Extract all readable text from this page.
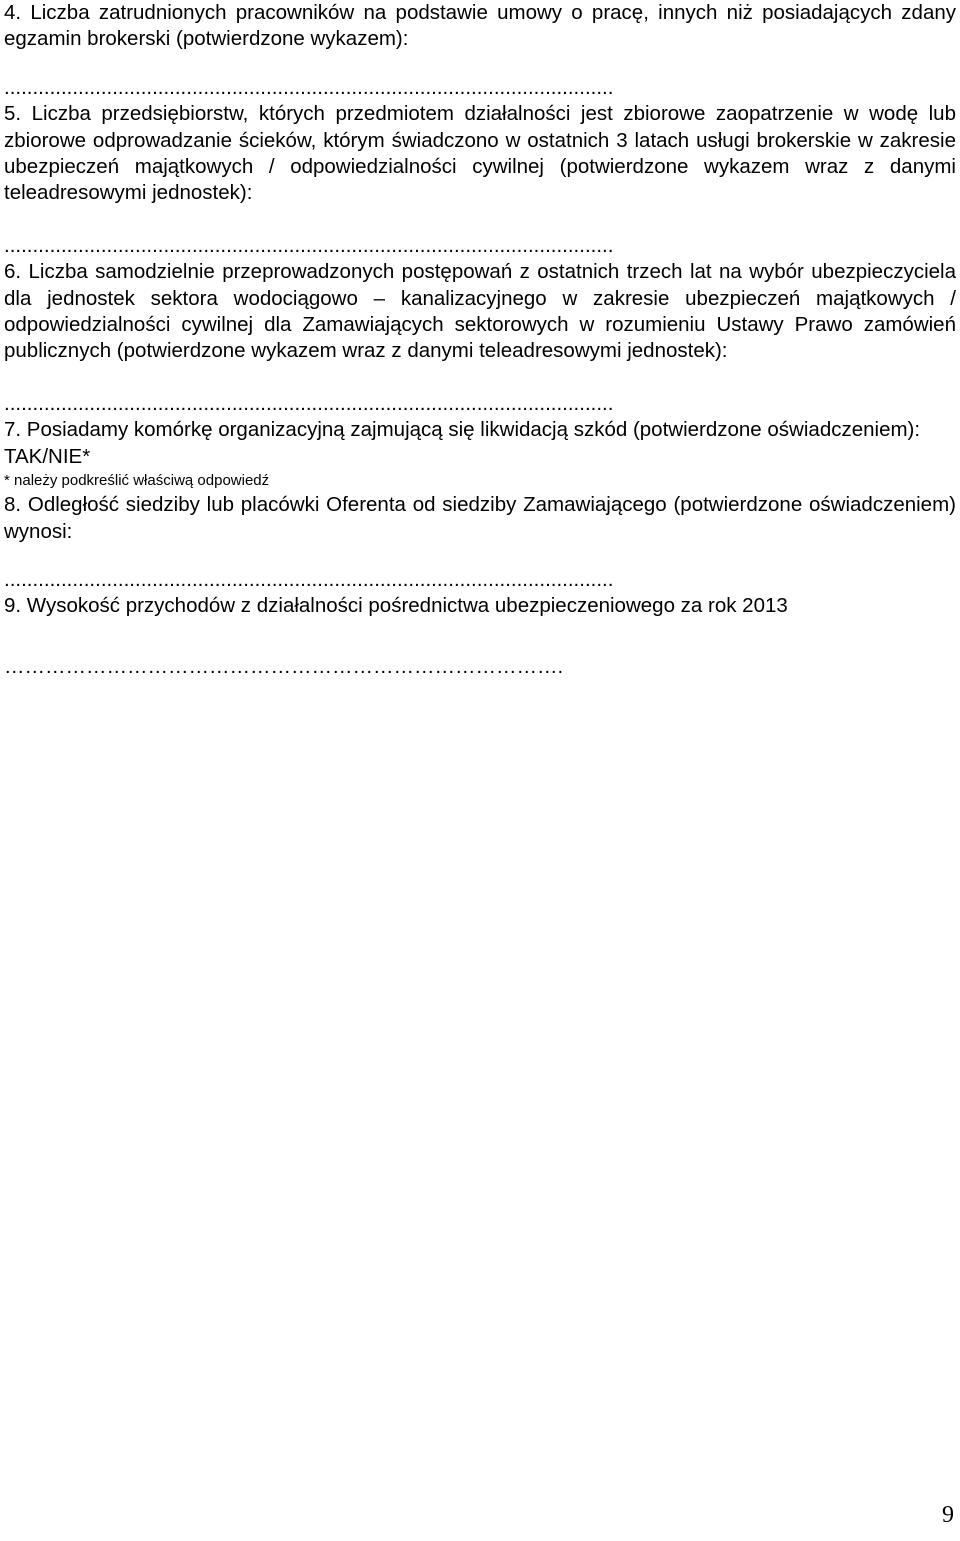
4. Liczba zatrudnionych pracowników na podstawie umowy o pracę, innych niż posiadających zdany egzamin brokerski (potwierdzone wykazem):

...........................................................................................................

5. Liczba przedsiębiorstw, których przedmiotem działalności jest zbiorowe zaopatrzenie w wodę lub zbiorowe odprowadzanie ścieków, którym świadczono w ostatnich 3 latach usługi brokerskie w zakresie ubezpieczeń majątkowych / odpowiedzialności cywilnej (potwierdzone wykazem wraz z danymi teleadresowymi jednostek):

...........................................................................................................

6. Liczba samodzielnie przeprowadzonych postępowań z ostatnich trzech lat na wybór ubezpieczyciela dla jednostek sektora wodociągowo – kanalizacyjnego w zakresie ubezpieczeń majątkowych / odpowiedzialności cywilnej dla Zamawiających sektorowych w rozumieniu Ustawy Prawo zamówień publicznych (potwierdzone wykazem wraz z danymi teleadresowymi jednostek):

...........................................................................................................

7. Posiadamy komórkę organizacyjną zajmującą się likwidacją szkód (potwierdzone oświadczeniem):

TAK/NIE*

* należy podkreślić właściwą odpowiedź

8. Odległość siedziby lub placówki Oferenta od siedziby Zamawiającego (potwierdzone oświadczeniem) wynosi:

...........................................................................................................

9. Wysokość przychodów z działalności pośrednictwa ubezpieczeniowego za rok 2013

……………………………………………………………………….

9
